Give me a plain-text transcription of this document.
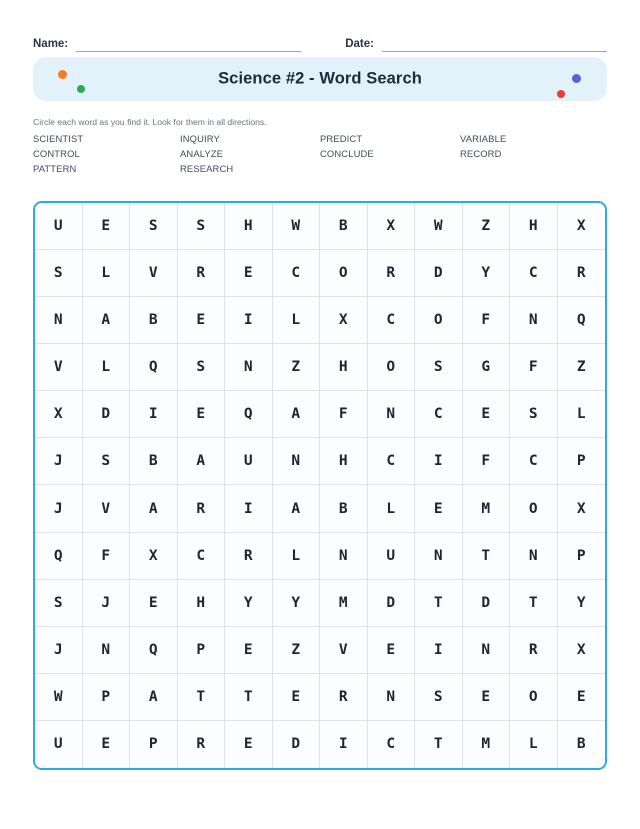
Name:	Date:
Science #2 - Word Search
Circle each word as you find it. Look for them in all directions.
SCIENTIST	INQUIRY	PREDICT	VARIABLE
CONTROL	ANALYZE	CONCLUDE	RECORD
PATTERN	RESEARCH
U	E	S	S	H	W	B	X	W	Z	H	X
S	L	V	R	E	C	O	R	D	Y	C	R
N	A	B	E	I	L	X	C	O	F	N	Q
V	L	Q	S	N	Z	H	O	S	G	F	Z
X	D	I	E	Q	A	F	N	C	E	S	L
J	S	B	A	U	N	H	C	I	F	C	P
J	V	A	R	I	A	B	L	E	M	O	X
Q	F	X	C	R	L	N	U	N	T	N	P
S	J	E	H	Y	Y	M	D	T	D	T	Y
J	N	Q	P	E	Z	V	E	I	N	R	X
W	P	A	T	T	E	R	N	S	E	O	E
U	E	P	R	E	D	I	C	T	M	L	B
